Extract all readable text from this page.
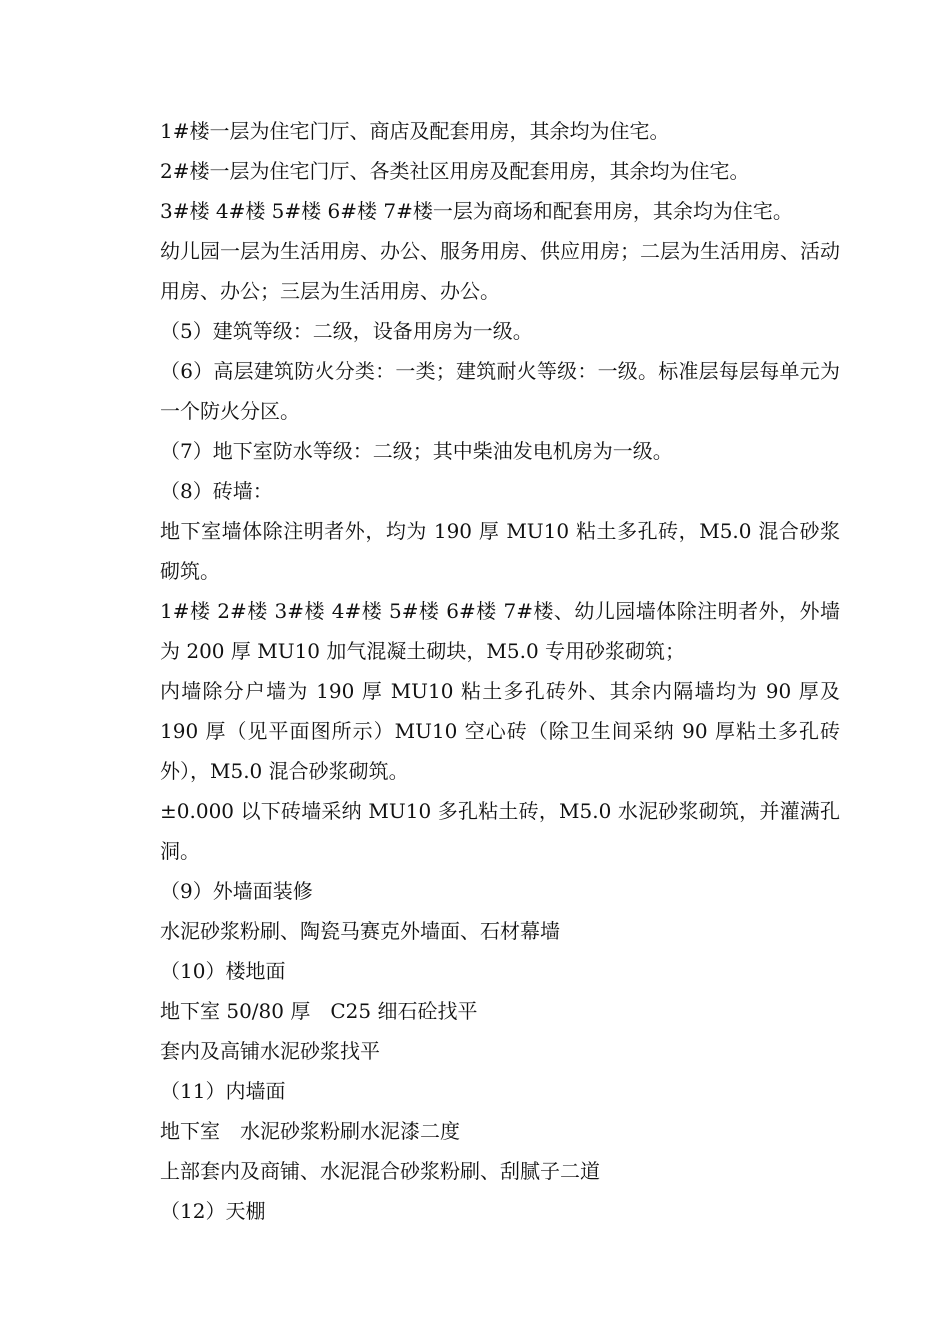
1#楼一层为住宅门厅、商店及配套用房，其余均为住宅。

2#楼一层为住宅门厅、各类社区用房及配套用房，其余均为住宅。

3#楼 4#楼 5#楼 6#楼 7#楼一层为商场和配套用房，其余均为住宅。

幼儿园一层为生活用房、办公、服务用房、供应用房；二层为生活用房、活动用房、办公；三层为生活用房、办公。

（5）建筑等级：二级，设备用房为一级。

（6）高层建筑防火分类：一类；建筑耐火等级：一级。标准层每层每单元为一个防火分区。

（7）地下室防水等级：二级；其中柴油发电机房为一级。

（8）砖墙：

地下室墙体除注明者外，均为 190 厚 MU10 粘土多孔砖，M5.0 混合砂浆砌筑。

1#楼 2#楼 3#楼 4#楼 5#楼 6#楼 7#楼、幼儿园墙体除注明者外，外墙为 200 厚 MU10 加气混凝土砌块，M5.0 专用砂浆砌筑；

内墙除分户墙为 190 厚 MU10 粘土多孔砖外、其余内隔墙均为 90 厚及 190 厚（见平面图所示）MU10 空心砖（除卫生间采纳 90 厚粘土多孔砖外），M5.0 混合砂浆砌筑。

±0.000 以下砖墙采纳 MU10 多孔粘土砖，M5.0 水泥砂浆砌筑，并灌满孔洞。

（9）外墙面装修

水泥砂浆粉刷、陶瓷马赛克外墙面、石材幕墙

（10）楼地面

地下室 50/80 厚　C25 细石砼找平

套内及高铺水泥砂浆找平

（11）内墙面

地下室　水泥砂浆粉刷水泥漆二度

上部套内及商铺、水泥混合砂浆粉刷、刮腻子二道

（12）天棚
